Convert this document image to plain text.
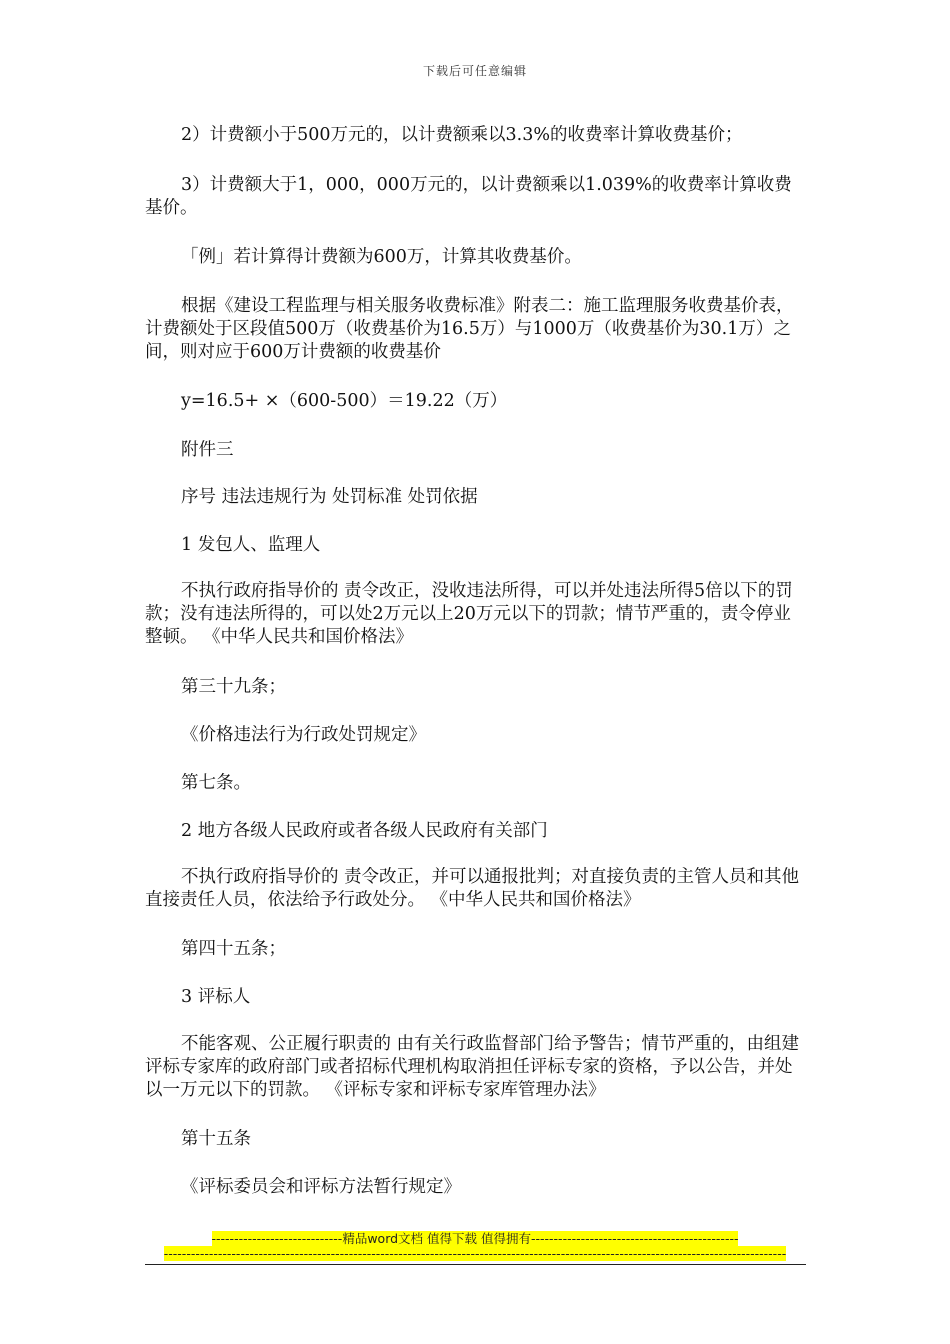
下载后可任意编辑

2）计费额小于500万元的，以计费额乘以3.3%的收费率计算收费基价；

3）计费额大于1，000，000万元的，以计费额乘以1.039%的收费率计算收费基价。

「例」若计算得计费额为600万，计算其收费基价。

根据《建设工程监理与相关服务收费标准》附表二：施工监理服务收费基价表，计费额处于区段值500万（收费基价为16.5万）与1000万（收费基价为30.1万）之间，则对应于600万计费额的收费基价

y=16.5+ ×（600-500）＝19.22（万）

附件三

序号 违法违规行为 处罚标准 处罚依据

1 发包人、监理人

不执行政府指导价的 责令改正，没收违法所得，可以并处违法所得5倍以下的罚款；没有违法所得的，可以处2万元以上20万元以下的罚款；情节严重的，责令停业整顿。 《中华人民共和国价格法》

第三十九条；

《价格违法行为行政处罚规定》

第七条。

2 地方各级人民政府或者各级人民政府有关部门

不执行政府指导价的 责令改正，并可以通报批判；对直接负责的主管人员和其他直接责任人员，依法给予行政处分。 《中华人民共和国价格法》

第四十五条；

3 评标人

不能客观、公正履行职责的 由有关行政监督部门给予警告；情节严重的，由组建评标专家库的政府部门或者招标代理机构取消担任评标专家的资格，予以公告，并处以一万元以下的罚款。 《评标专家和评标专家库管理办法》

第十五条

《评标委员会和评标方法暂行规定》

-----------------------------精品word文档 值得下载 值得拥有----------------------------------------------
------------------------------------------------------------------------------------------------------------------------------------------
